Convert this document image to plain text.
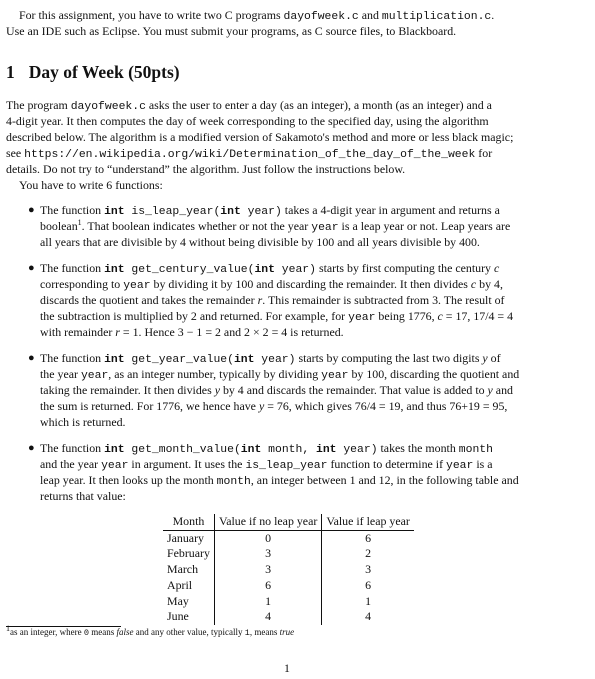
For this assignment, you have to write two C programs dayofweek.c and multiplication.c.
Use an IDE such as Eclipse. You must submit your programs, as C source files, to Blackboard.
1 Day of Week (50pts)
The program dayofweek.c asks the user to enter a day (as an integer), a month (as an integer) and a
4-digit year. It then computes the day of week corresponding to the specified day, using the algorithm
described below. The algorithm is a modified version of Sakamoto's method and more or less black magic;
see https://en.wikipedia.org/wiki/Determination_of_the_day_of_the_week for
details. Do not try to “understand” the algorithm. Just follow the instructions below.
You have to write 6 functions:
● The function int is_leap_year(int year) takes a 4-digit year in argument and returns a
boolean$^1$. That boolean indicates whether or not the year year is a leap year or not. Leap years are
all years that are divisible by 4 without being divisible by 100 and all years divisible by 400.
● The function int get_century_value(int year) starts by first computing the century c
corresponding to year by dividing it by 100 and discarding the remainder. It then divides c by 4,
discards the quotient and takes the remainder r. This remainder is subtracted from 3. The result of
the subtraction is multiplied by 2 and returned. For example, for year being 1776, c = 17, 17/4 = 4
with remainder r = 1. Hence 3 − 1 = 2 and 2 × 2 = 4 is returned.
● The function int get_year_value(int year) starts by computing the last two digits y of
the year year, as an integer number, typically by dividing year by 100, discarding the quotient and
taking the remainder. It then divides y by 4 and discards the remainder. That value is added to y and
the sum is returned. For 1776, we hence have y = 76, which gives 76/4 = 19, and thus 76+19 = 95,
which is returned.
● The function int get_month_value(int month, int year) takes the month month
and the year year in argument. It uses the is_leap_year function to determine if year is a
leap year. It then looks up the month month, an integer between 1 and 12, in the following table and
returns that value:
Month	Value if no leap year	Value if leap year
January	0	6
February	3	2
March	3	3
April	6	6
May	1	1
June	4	4
$^1$as an integer, where 0 means false and any other value, typically 1, means true
1
